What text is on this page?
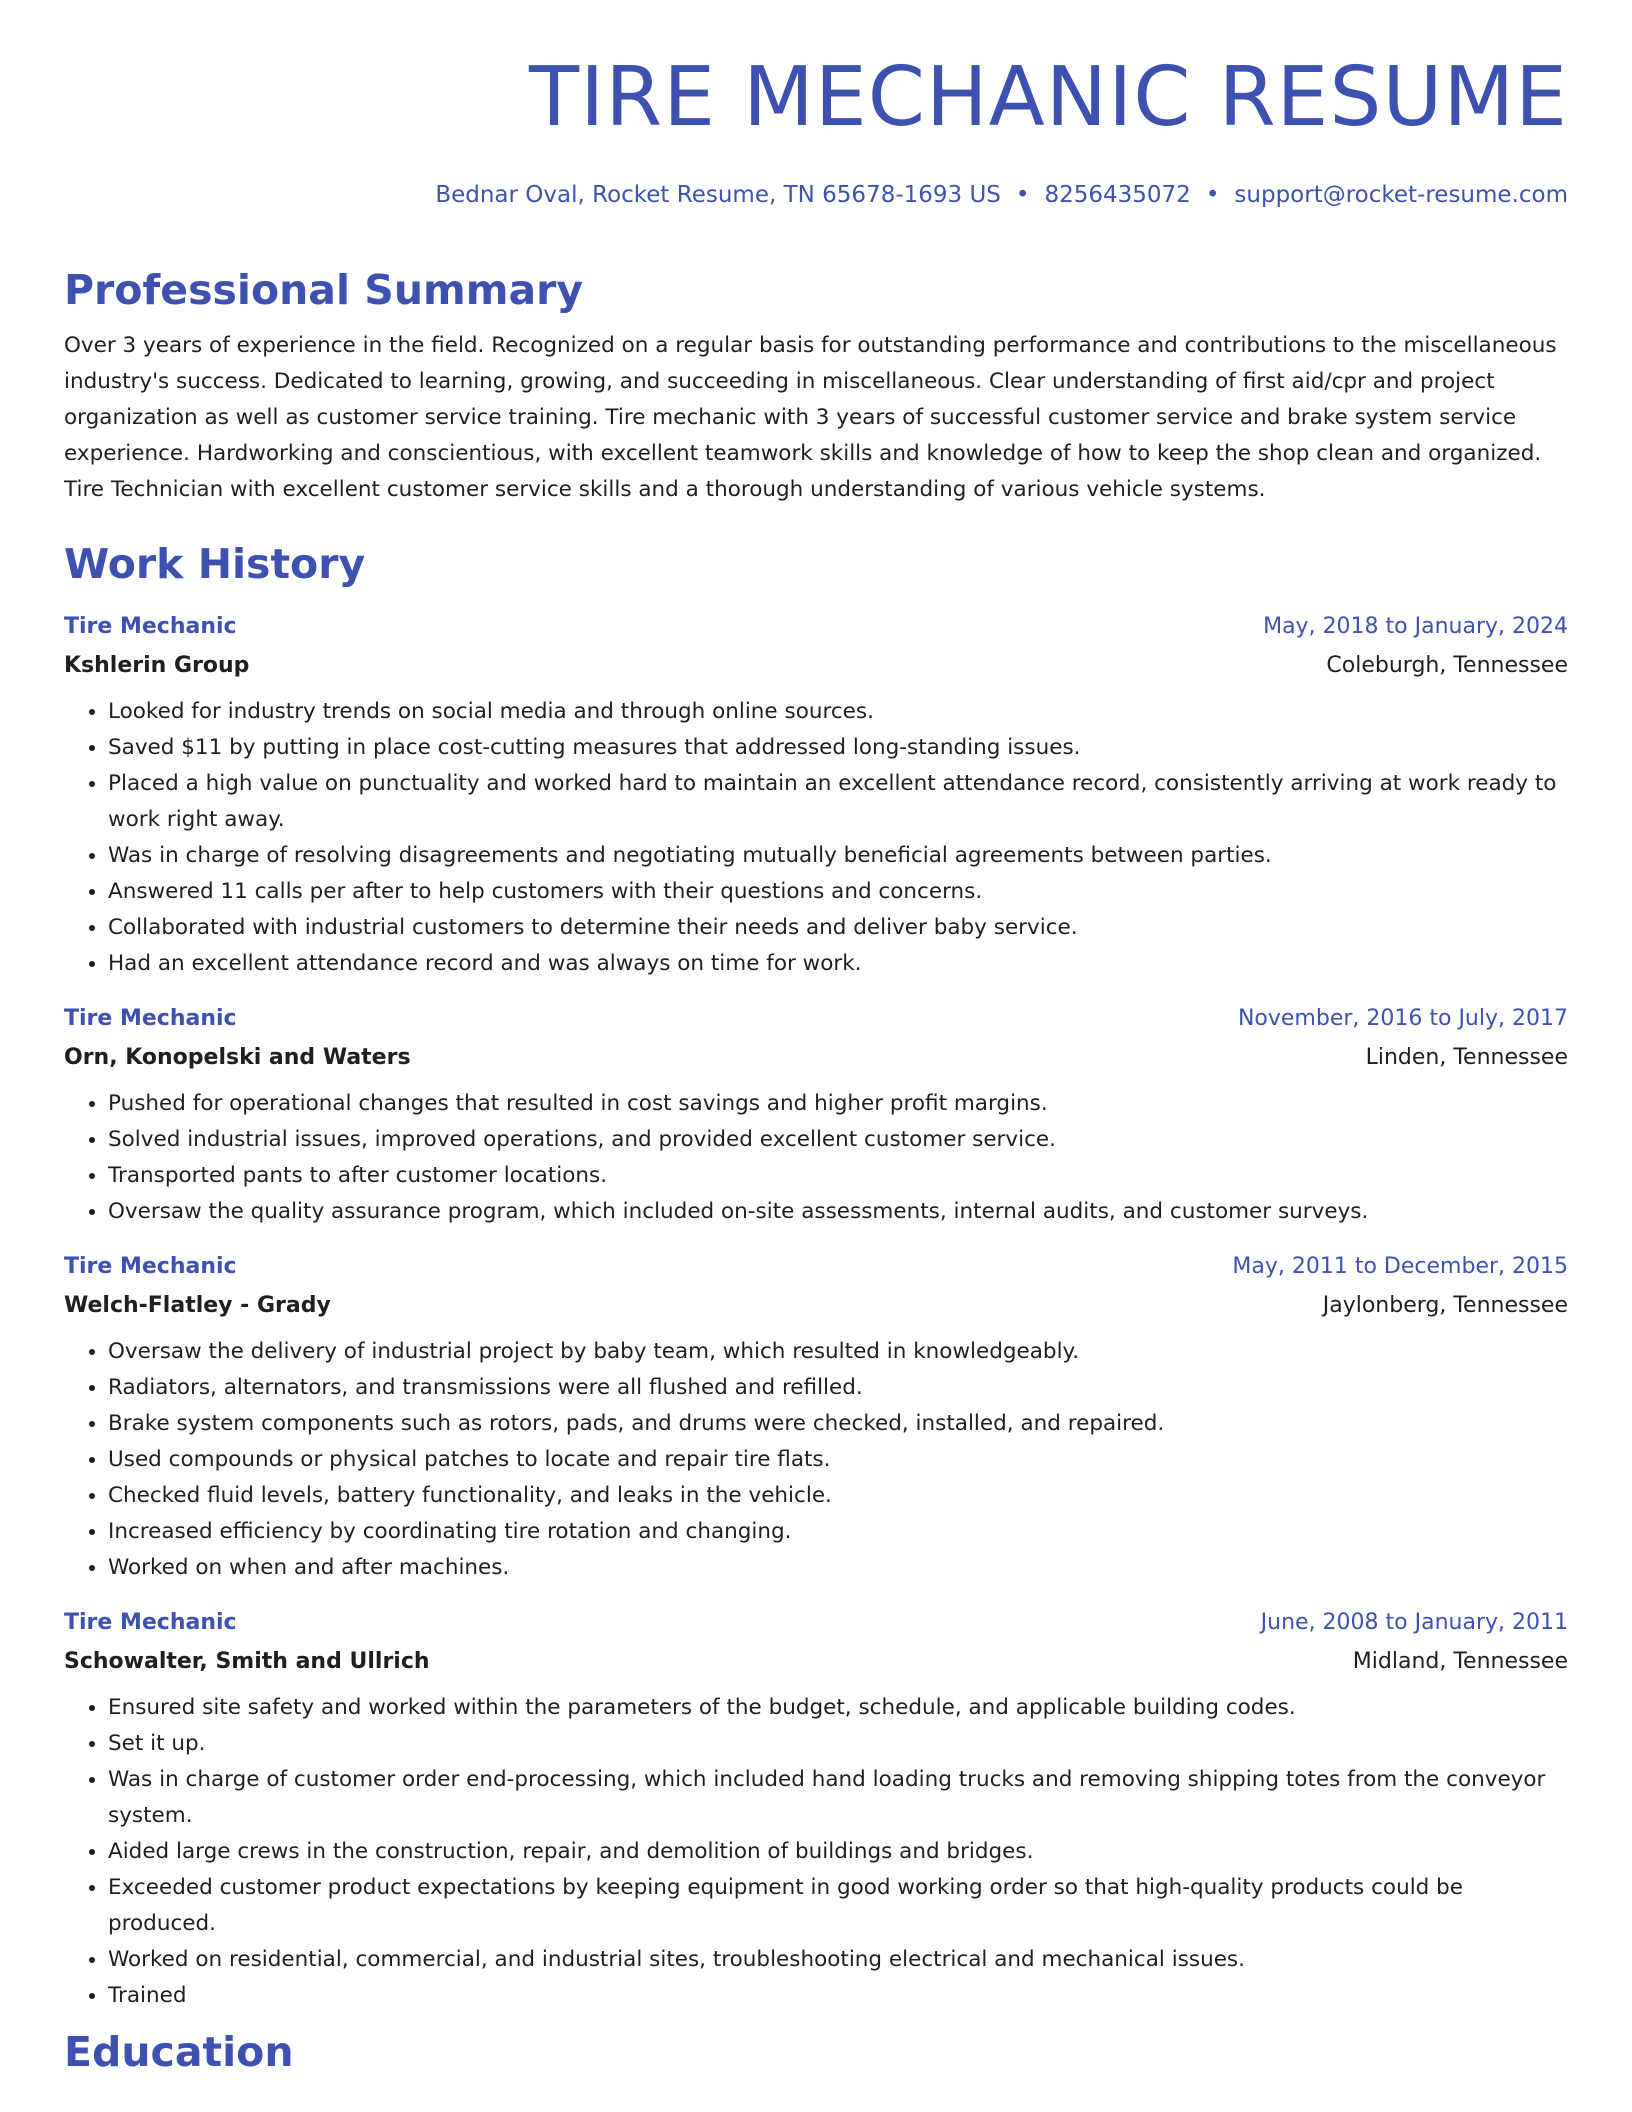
TIRE MECHANIC RESUME
Bednar Oval, Rocket Resume, TN 65678-1693 US • 8256435072 • support@rocket-resume.com
Professional Summary

Over 3 years of experience in the field. Recognized on a regular basis for outstanding performance and contributions to the miscellaneous industry's success. Dedicated to learning, growing, and succeeding in miscellaneous. Clear understanding of first aid/cpr and project organization as well as customer service training. Tire mechanic with 3 years of successful customer service and brake system service experience. Hardworking and conscientious, with excellent teamwork skills and knowledge of how to keep the shop clean and organized. Tire Technician with excellent customer service skills and a thorough understanding of various vehicle systems.

Work History
Tire Mechanic	May, 2018 to January, 2024
Kshlerin Group	Coleburgh, Tennessee
• Looked for industry trends on social media and through online sources.
• Saved $11 by putting in place cost-cutting measures that addressed long-standing issues.
• Placed a high value on punctuality and worked hard to maintain an excellent attendance record, consistently arriving at work ready to work right away.
• Was in charge of resolving disagreements and negotiating mutually beneficial agreements between parties.
• Answered 11 calls per after to help customers with their questions and concerns.
• Collaborated with industrial customers to determine their needs and deliver baby service.
• Had an excellent attendance record and was always on time for work.
Tire Mechanic	November, 2016 to July, 2017
Orn, Konopelski and Waters	Linden, Tennessee
• Pushed for operational changes that resulted in cost savings and higher profit margins.
• Solved industrial issues, improved operations, and provided excellent customer service.
• Transported pants to after customer locations.
• Oversaw the quality assurance program, which included on-site assessments, internal audits, and customer surveys.
Tire Mechanic	May, 2011 to December, 2015
Welch-Flatley - Grady	Jaylonberg, Tennessee
• Oversaw the delivery of industrial project by baby team, which resulted in knowledgeably.
• Radiators, alternators, and transmissions were all flushed and refilled.
• Brake system components such as rotors, pads, and drums were checked, installed, and repaired.
• Used compounds or physical patches to locate and repair tire flats.
• Checked fluid levels, battery functionality, and leaks in the vehicle.
• Increased efficiency by coordinating tire rotation and changing.
• Worked on when and after machines.
Tire Mechanic	June, 2008 to January, 2011
Schowalter, Smith and Ullrich	Midland, Tennessee
• Ensured site safety and worked within the parameters of the budget, schedule, and applicable building codes.
• Set it up.
• Was in charge of customer order end-processing, which included hand loading trucks and removing shipping totes from the conveyor system.
• Aided large crews in the construction, repair, and demolition of buildings and bridges.
• Exceeded customer product expectations by keeping equipment in good working order so that high-quality products could be produced.
• Worked on residential, commercial, and industrial sites, troubleshooting electrical and mechanical issues.
• Trained
Education
